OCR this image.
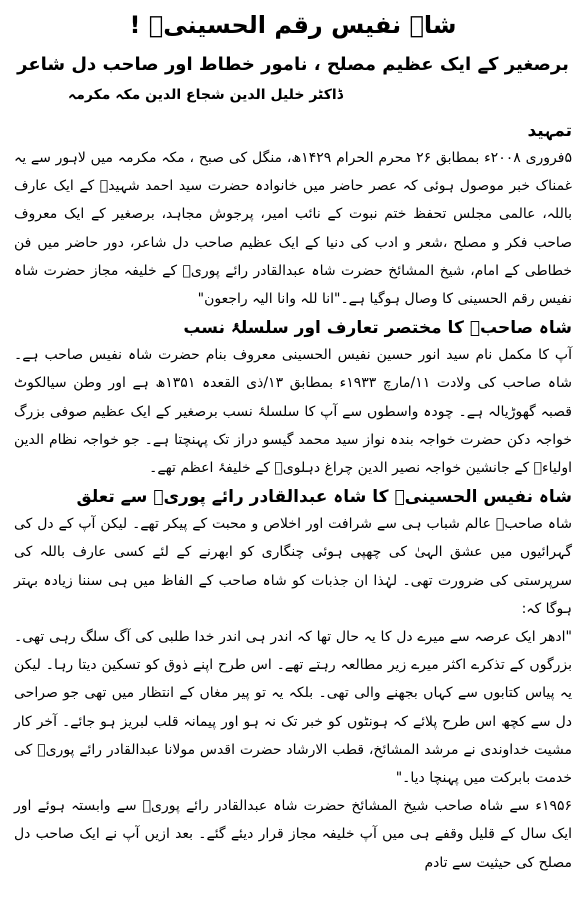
شاہ نفیس رقم الحسینیؒ !
برصغیر کے ایک عظیم مصلح ، نامور خطاط اور صاحب دل شاعر
ڈاکٹر خلیل الدین شجاع الدین مکہ مکرمہ
تمہید

۵فروری ۲۰۰۸ء بمطابق ۲۶ محرم الحرام ۱۴۲۹ھ، منگل کی صبح ، مکہ مکرمہ میں لاہور سے یہ غمناک خبر موصول ہوئی کہ عصر حاضر میں خانوادہ حضرت سید احمد شہیدؒ کے ایک عارف باللہ، عالمی مجلس تحفظ ختم نبوت کے نائب امیر، پرجوش مجاہد، برصغیر کے ایک معروف صاحب فکر و مصلح ،شعر و ادب کی دنیا کے ایک عظیم صاحب دل شاعر، دور حاضر میں فن خطاطی کے امام، شیخ المشائخ حضرت شاہ عبدالقادر رائے پوریؒ کے خلیفہ مجاز حضرت شاہ نفیس رقم الحسینی کا وصال ہوگیا ہے۔"انا للہ وانا الیہ راجعون"

شاہ صاحبؒ کا مختصر تعارف اور سلسلۂ نسب

آپ کا مکمل نام سید انور حسین نفیس الحسینی معروف بنام حضرت شاہ نفیس صاحب ہے۔ شاہ صاحب کی ولادت ۱۱/مارچ ۱۹۳۳ء بمطابق ۱۳/ذی القعدہ ۱۳۵۱ھ ہے اور وطن سیالکوٹ قصبہ گھوڑیالہ ہے۔ چودہ واسطوں سے آپ کا سلسلۂ نسب برصغیر کے ایک عظیم صوفی بزرگ خواجہ دکن حضرت خواجہ بندہ نواز سید محمد گیسو دراز تک پہنچتا ہے۔ جو خواجہ نظام الدین اولیاءؒ کے جانشین خواجہ نصیر الدین چراغ دہلویؒ کے خلیفۂ اعظم تھے۔

شاہ نفیس الحسینیؒ کا شاہ عبدالقادر رائے پوریؒ سے تعلق

شاہ صاحبؒ عالم شباب ہی سے شرافت اور اخلاص و محبت کے پیکر تھے۔ لیکن آپ کے دل کی گہرائیوں میں عشق الہیٰ کی چھپی ہوئی چنگاری کو ابھرنے کے لئے کسی عارف باللہ کی سرپرستی کی ضرورت تھی۔ لہٰذا ان جذبات کو شاہ صاحب کے الفاظ میں ہی سننا زیادہ بہتر ہوگا کہ:

"ادھر ایک عرصہ سے میرے دل کا یہ حال تھا کہ اندر ہی اندر خدا طلبی کی آگ سلگ رہی تھی۔ بزرگوں کے تذکرے اکثر میرے زیر مطالعہ رہتے تھے۔ اس طرح اپنے ذوق کو تسکین دیتا رہا۔ لیکن یہ پیاس کتابوں سے کہاں بجھنے والی تھی۔ بلکہ یہ تو پیر مغاں کے انتظار میں تھی جو صراحی دل سے کچھ اس طرح پلائے کہ ہونٹوں کو خبر تک نہ ہو اور پیمانہ قلب لبریز ہو جائے۔ آخر کار مشیت خداوندی نے مرشد المشائخ، قطب الارشاد حضرت اقدس مولانا عبدالقادر رائے پوریؒ کی خدمت بابرکت میں پہنچا دیا۔"

۱۹۵۶ء سے شاہ صاحب شیخ المشائخ حضرت شاہ عبدالقادر رائے پوریؒ سے وابستہ ہوئے اور ایک سال کے قلیل وقفے ہی میں آپ خلیفہ مجاز قرار دیئے گئے۔ بعد ازیں آپ نے ایک صاحب دل مصلح کی حیثیت سے تادم
